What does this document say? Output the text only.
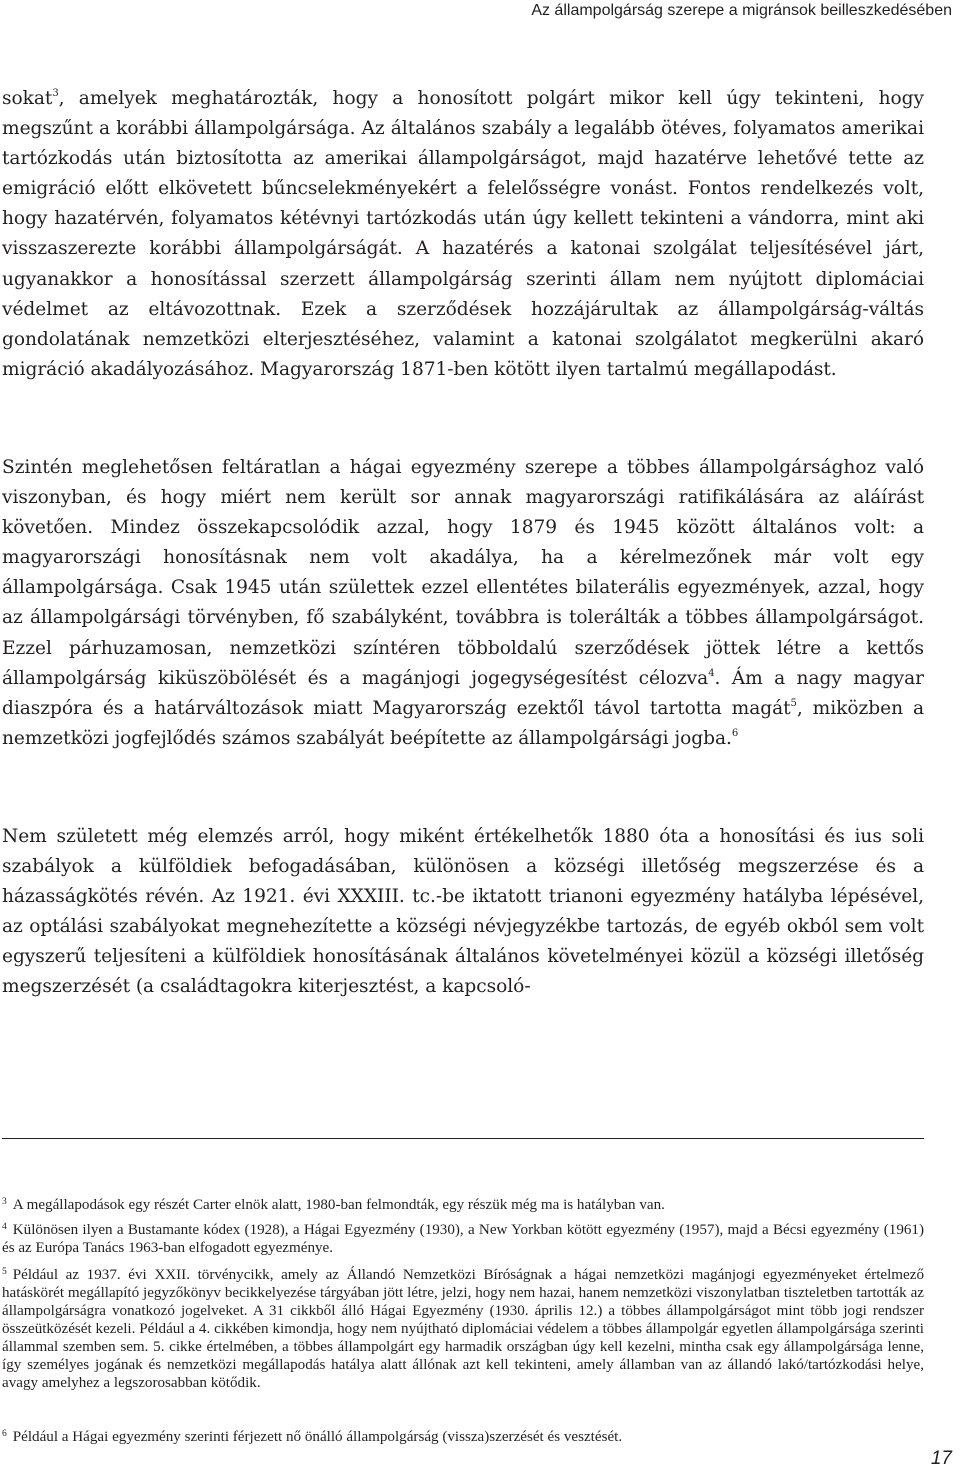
Az állampolgárság szerepe a migránsok beilleszkedésében

sokat$^3$, amelyek meghatározták, hogy a honosított polgárt mikor kell úgy tekinteni, hogy megszűnt a korábbi állampolgársága. Az általános szabály a legalább ötéves, folyamatos amerikai tartózkodás után biztosította az amerikai állampolgárságot, majd hazatérve lehetővé tette az emigráció előtt elkövetett bűncselekményekért a felelősségre vonást. Fontos rendelkezés volt, hogy hazatérvén, folyamatos kétévnyi tartózkodás után úgy kellett tekinteni a vándorra, mint aki visszaszerezte korábbi állampolgárságát. A hazatérés a katonai szolgálat teljesítésével járt, ugyanakkor a honosítással szerzett állampolgárság szerinti állam nem nyújtott diplomáciai védelmet az eltávozottnak. Ezek a szerződések hozzájárultak az állampolgárság-váltás gondolatának nemzetközi elterjesztéséhez, valamint a katonai szolgálatot megkerülni akaró migráció akadályozásához. Magyarország 1871-ben kötött ilyen tartalmú megállapodást.

Szintén meglehetősen feltáratlan a hágai egyezmény szerepe a többes állampolgársághoz való viszonyban, és hogy miért nem került sor annak magyarországi ratifikálására az aláírást követően. Mindez összekapcsolódik azzal, hogy 1879 és 1945 között általános volt: a magyarországi honosításnak nem volt akadálya, ha a kérelmezőnek már volt egy állampolgársága. Csak 1945 után születtek ezzel ellentétes bilaterális egyezmények, azzal, hogy az állampolgársági törvényben, fő szabályként, továbbra is tolerálták a többes állampolgárságot. Ezzel párhuzamosan, nemzetközi színtéren többoldalú szerződések jöttek létre a kettős állampolgárság kiküszöbölését és a magánjogi jogegységesítést célozva$^4$. Ám a nagy magyar diaszpóra és a határváltozások miatt Magyarország ezektől távol tartotta magát$^5$, miközben a nemzetközi jogfejlődés számos szabályát beépítette az állampolgársági jogba.$^6$

Nem született még elemzés arról, hogy miként értékelhetők 1880 óta a honosítási és ius soli szabályok a külföldiek befogadásában, különösen a községi illetőség megszerzése és a házasságkötés révén. Az 1921. évi XXXIII. tc.-be iktatott trianoni egyezmény hatályba lépésével, az optálási szabályokat megnehezítette a községi névjegyzékbe tartozás, de egyéb okból sem volt egyszerű teljesíteni a külföldiek honosításának általános követelményei közül a községi illetőség megszerzését (a családtagokra kiterjesztést, a kapcsoló-

$^3$ A megállapodások egy részét Carter elnök alatt, 1980-ban felmondták, egy részük még ma is hatályban van.

$^4$ Különösen ilyen a Bustamante kódex (1928), a Hágai Egyezmény (1930), a New Yorkban kötött egyezmény (1957), majd a Bécsi egyezmény (1961) és az Európa Tanács 1963-ban elfogadott egyezménye.

$^5$ Például az 1937. évi XXII. törvénycikk, amely az Állandó Nemzetközi Bíróságnak a hágai nemzetközi magánjogi egyezményeket értelmező hatáskörét megállapító jegyzőkönyv becikkelyezése tárgyában jött létre, jelzi, hogy nem hazai, hanem nemzetközi viszonylatban tiszteletben tartották az állampolgárságra vonatkozó jogelveket. A 31 cikkből álló Hágai Egyezmény (1930. április 12.) a többes állampolgárságot mint több jogi rendszer összeütközését kezeli. Például a 4. cikkében kimondja, hogy nem nyújtható diplomáciai védelem a többes állampolgár egyetlen állampolgársága szerinti állammal szemben sem. 5. cikke értelmében, a többes állampolgárt egy harmadik országban úgy kell kezelni, mintha csak egy állampolgársága lenne, így személyes jogának és nemzetközi megállapodás hatálya alatt állónak azt kell tekinteni, amely államban van az állandó lakó/tartózkodási helye, avagy amelyhez a legszorosabban kötődik.

$^6$ Például a Hágai egyezmény szerinti férjezett nő önálló állampolgárság (vissza)szerzését és vesztését.

17
